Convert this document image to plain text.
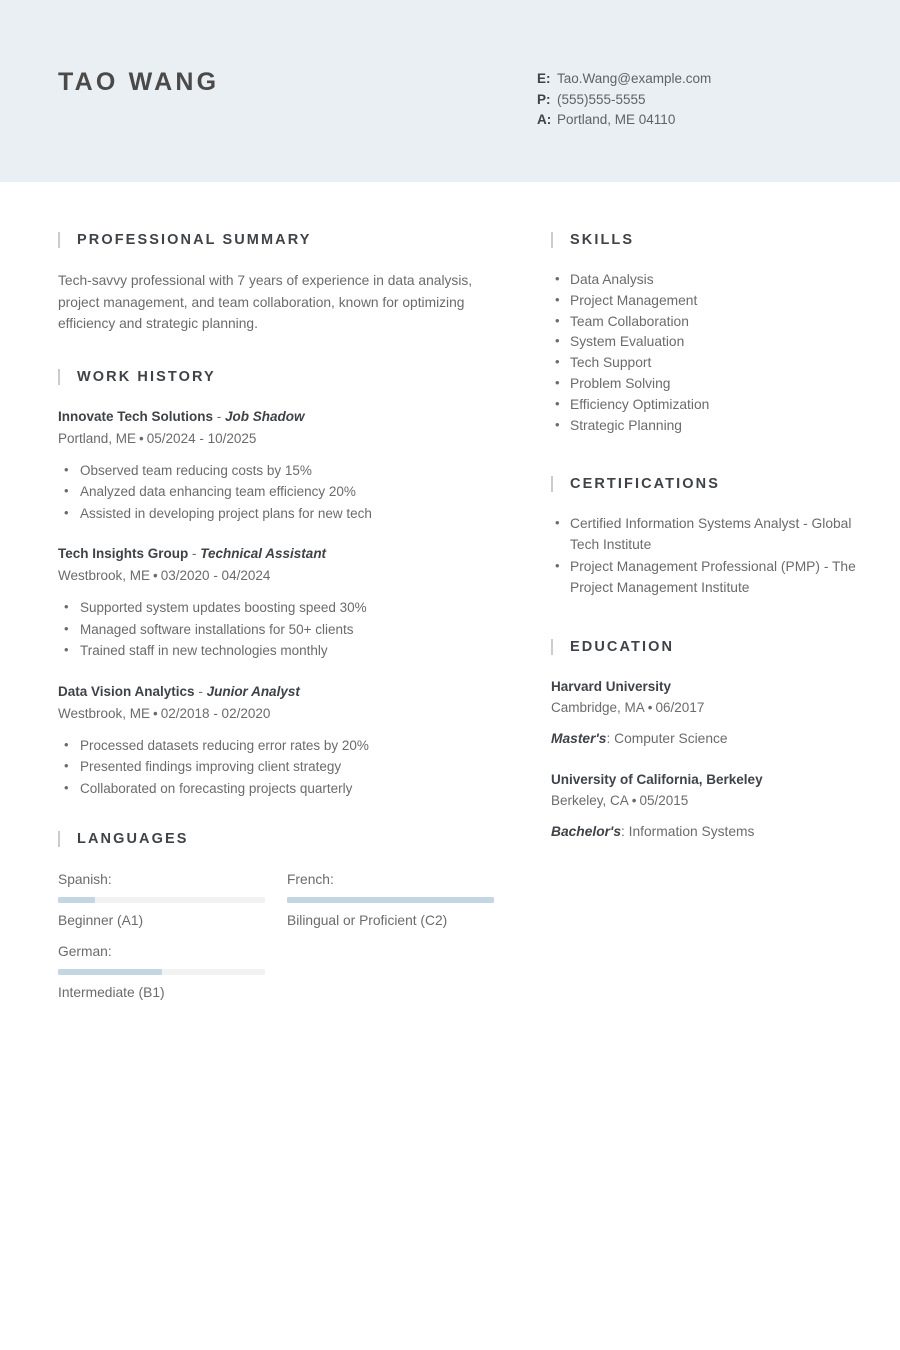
TAO WANG	E: Tao.Wang@example.com
P: (555)555-5555
A: Portland, ME 04110
PROFESSIONAL SUMMARY
Tech-savvy professional with 7 years of experience in data analysis, project management, and team collaboration, known for optimizing efficiency and strategic planning.
WORK HISTORY
Innovate Tech Solutions - Job Shadow
Portland, ME • 05/2024 - 10/2025
• Observed team reducing costs by 15%
• Analyzed data enhancing team efficiency 20%
• Assisted in developing project plans for new tech
Tech Insights Group - Technical Assistant
Westbrook, ME • 03/2020 - 04/2024
• Supported system updates boosting speed 30%
• Managed software installations for 50+ clients
• Trained staff in new technologies monthly
Data Vision Analytics - Junior Analyst
Westbrook, ME • 02/2018 - 02/2020
• Processed datasets reducing error rates by 20%
• Presented findings improving client strategy
• Collaborated on forecasting projects quarterly
LANGUAGES
Spanish:
Beginner (A1)
French:
Bilingual or Proficient (C2)
German:
Intermediate (B1)
SKILLS
• Data Analysis
• Project Management
• Team Collaboration
• System Evaluation
• Tech Support
• Problem Solving
• Efficiency Optimization
• Strategic Planning
CERTIFICATIONS
• Certified Information Systems Analyst - Global Tech Institute
• Project Management Professional (PMP) - The Project Management Institute
EDUCATION
Harvard University
Cambridge, MA • 06/2017
Master's: Computer Science
University of California, Berkeley
Berkeley, CA • 05/2015
Bachelor's: Information Systems
